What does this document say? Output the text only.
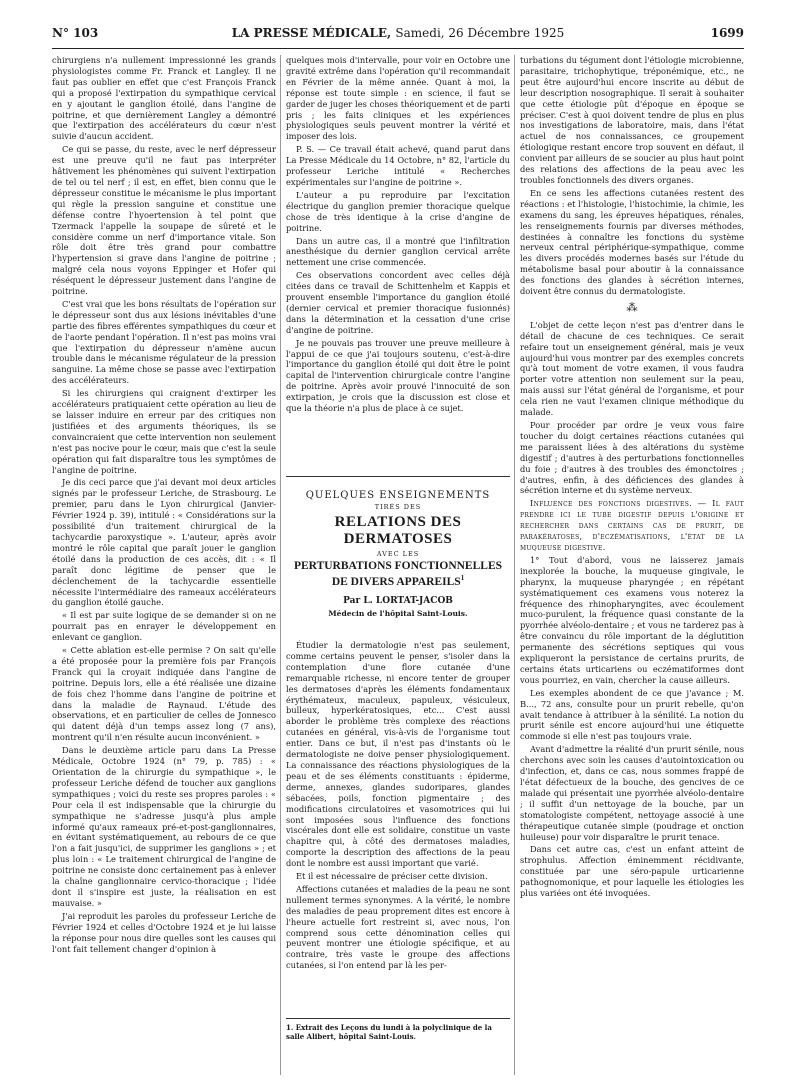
N° 103	LA PRESSE MÉDICALE, Samedi, 26 Décembre 1925	1699

chirurgiens n'a nullement impressionné les grands physiologistes comme Fr. Franck et Langley. Il ne faut pas oublier en effet que c'est François Franck qui a proposé l'extirpation du sympathique cervical en y ajoutant le ganglion étoilé, dans l'angine de poitrine, et que dernièrement Langley a démontré que l'extirpation des accélérateurs du cœur n'est suivie d'aucun accident.

Ce qui se passe, du reste, avec le nerf dépresseur est une preuve qu'il ne faut pas interpréter hâtivement les phénomènes qui suivent l'extirpation de tel ou tel nerf ; il est, en effet, bien connu que le dépresseur constitue le mécanisme le plus important qui règle la pression sanguine et constitue une défense contre l'hyoertension à tel point que Tzermack l'appelle la soupape de sûreté et le considère comme un nerf d'importance vitale. Son rôle doit être très grand pour combattre l'hypertension si grave dans l'angine de poitrine ; malgré cela nous voyons Eppinger et Hofer qui réséquent le dépresseur justement dans l'angine de poitrine.

C'est vrai que les bons résultats de l'opération sur le dépresseur sont dus aux lésions inévitables d'une partie des fibres efférentes sympathiques du cœur et de l'aorte pendant l'opération. Il n'est pas moins vrai que l'extirpation du dépresseur n'amène aucun trouble dans le mécanisme régulateur de la pression sanguine. La même chose se passe avec l'extirpation des accélérateurs.

Si les chirurgiens qui craignent d'extirper les accélérateurs pratiquaient cette opération au lieu de se laisser induire en erreur par des critiques non justifiées et des arguments théoriques, ils se convaincraient que cette intervention non seulement n'est pas nocive pour le cœur, mais que c'est la seule opération qui fait disparaître tous les symptômes de l'angine de poitrine.

Je dis ceci parce que j'ai devant moi deux articles signés par le professeur Leriche, de Strasbourg. Le premier, paru dans le Lyon chirurgical (Janvier-Février 1924 p. 39), intitulé : « Considérations sur la possibilité d'un traitement chirurgical de la tachycardie paroxystique ». L'auteur, après avoir montré le rôle capital que paraît jouer le ganglion étoilé dans la production de ces accès, dit : « Il paraît donc légitime de penser que le déclenchement de la tachycardie essentielle nécessite l'intermédiaire des rameaux accélérateurs du ganglion étoilé gauche.

« Il est par suite logique de se demander si on ne pourrait pas en enrayer le développement en enlevant ce ganglion.

« Cette ablation est-elle permise ? On sait qu'elle a été proposée pour la première fois par François Franck qui la croyait indiquée dans l'angine de poitrine. Depuis lors, elle a été réalisée une dizaine de fois chez l'homme dans l'angine de poitrine et dans la maladie de Raynaud. L'étude des observations, et en particulier de celles de Jonnesco qui datent déjà d'un temps assez long (7 ans), montrent qu'il n'en résulte aucun inconvénient. »

Dans le deuxième article paru dans La Presse Médicale, Octobre 1924 (n° 79, p. 785) : « Orientation de la chirurgie du sympathique », le professeur Leriche défend de toucher aux ganglions sympathiques ; voici du reste ses propres paroles : « Pour cela il est indispensable que la chirurgie du sympathique ne s'adresse jusqu'à plus ample informé qu'aux rameaux pré-et-post-ganglionnaires, en évitant systématiquement, au rebours de ce que l'on a fait jusqu'ici, de supprimer les ganglions » ; et plus loin : « Le traitement chirurgical de l'angine de poitrine ne consiste donc certainement pas à enlever la chaîne ganglionnaire cervico-thoracique ; l'idée dont il s'inspire est juste, la réalisation en est mauvaise. »

J'ai reproduit les paroles du professeur Leriche de Février 1924 et celles d'Octobre 1924 et je lui laisse la réponse pour nous dire quelles sont les causes qui l'ont fait tellement changer d'opinion à

quelques mois d'intervalle, pour voir en Octobre une gravité extrême dans l'opération qu'il recommandait en Février de la même année. Quant à moi, la réponse est toute simple : en science, il faut se garder de juger les choses théoriquement et de parti pris ; les faits cliniques et les expériences physiologiques seuls peuvent montrer la vérité et imposer des lois.

P. S. — Ce travail était achevé, quand parut dans La Presse Médicale du 14 Octobre, n° 82, l'article du professeur Leriche intitulé « Recherches expérimentales sur l'angine de poitrine ».

L'auteur a pu reproduire par l'excitation électrique du ganglion premier thoracique quelque chose de très identique à la crise d'angine de poitrine.

Dans un autre cas, il a montré que l'infiltration anesthésique du dernier ganglion cervical arrête nettement une crise commencée.

Ces observations concordent avec celles déjà citées dans ce travail de Schittenhelm et Kappis et prouvent ensemble l'importance du ganglion étoilé (dernier cervical et premier thoracique fusionnés) dans la détermination et la cessation d'une crise d'angine de poitrine.

Je ne pouvais pas trouver une preuve meilleure à l'appui de ce que j'ai toujours soutenu, c'est-à-dire l'importance du ganglion étoilé qui doit être le point capital de l'intervention chirurgicale contre l'angine de poitrine. Après avoir prouvé l'innocuité de son extirpation, je crois que la discussion est close et que la théorie n'a plus de place à ce sujet.

QUELQUES ENSEIGNEMENTS
TIRÉS DES
RELATIONS DES DERMATOSES
AVEC LES
PERTURBATIONS FONCTIONNELLES
DE DIVERS APPAREILS$^1$
Par L. LORTAT-JACOB
Médecin de l'hôpital Saint-Louis.

Étudier la dermatologie n'est pas seulement, comme certains peuvent le penser, s'isoler dans la contemplation d'une flore cutanée d'une remarquable richesse, ni encore tenter de grouper les dermatoses d'après les éléments fondamentaux érythémateux, maculeux, papuleux, vésiculeux, bulleux, hyperkératosiques, etc... C'est aussi aborder le problème très complexe des réactions cutanées en général, vis-à-vis de l'organisme tout entier. Dans ce but, il n'est pas d'instants où le dermatologiste ne doive penser physiologiquement. La connaissance des réactions physiologiques de la peau et de ses éléments constituants : épiderme, derme, annexes, glandes sudoripares, glandes sébacées, poils, fonction pigmentaire ; des modifications circulatoires et vasomotrices qui lui sont imposées sous l'influence des fonctions viscérales dont elle est solidaire, constitue un vaste chapitre qui, à côté des dermatoses maladies, comporte la description des affections de la peau dont le nombre est aussi important que varié.

Et il est nécessaire de préciser cette division.

Affections cutanées et maladies de la peau ne sont nullement termes synonymes. A la vérité, le nombre des maladies de peau proprement dites est encore à l'heure actuelle fort restreint si, avec nous, l'on comprend sous cette dénomination celles qui peuvent montrer une étiologie spécifique, et au contraire, très vaste le groupe des affections cutanées, si l'on entend par là les per-

1. Extrait des Leçons du lundi à la polyclinique de la salle Alibert, hôpital Saint-Louis.

turbations du tégument dont l'étiologie microbienne, parasitaire, trichophytique, tréponémique, etc., ne peut être aujourd'hui encore inscrite au début de leur description nosographique. Il serait à souhaiter que cette étiologie pût d'époque en époque se préciser. C'est à quoi doivent tendre de plus en plus nos investigations de laboratoire, mais, dans l'état actuel de nos connaissances, ce groupement étiologique restant encore trop souvent en défaut, il convient par ailleurs de se soucier au plus haut point des relations des affections de la peau avec les troubles fonctionnels des divers organes.

En ce sens les affections cutanées restent des réactions : et l'histologie, l'histochimie, la chimie, les examens du sang, les épreuves hépatiques, rénales, les renseignements fournis par diverses méthodes, destinées à connaître les fonctions du système nerveux central périphérique-sympathique, comme les divers procédés modernes basés sur l'étude du métabolisme basal pour aboutir à la connaissance des fonctions des glandes à sécrétion internes, doivent être connus du dermatologiste.

⁂

L'objet de cette leçon n'est pas d'entrer dans le détail de chacune de ces techniques. Ce serait refaire tout un enseignement général, mais je veux aujourd'hui vous montrer par des exemples concrets qu'à tout moment de votre examen, il vous faudra porter votre attention non seulement sur la peau, mais aussi sur l'état général de l'organisme, et pour cela rien ne vaut l'examen clinique méthodique du malade.

Pour procéder par ordre je veux vous faire toucher du doigt certaines réactions cutanées qui me paraissent liées à des altérations du système digestif ; d'autres à des perturbations fonctionnelles du foie ; d'autres à des troubles des émonctoires ; d'autres, enfin, à des déficiences des glandes à sécrétion interne et du système nerveux.

Influence des fonctions digestives. — Il faut prendre ici le tube digestif depuis l'origine et rechercher dans certains cas de prurit, de parakératoses, d'eczématisations, l'état de la muqueuse digestive.

1° Tout d'abord, vous ne laisserez jamais inexplorée la bouche, la muqueuse gingivale, le pharynx, la muqueuse pharyngée ; en répétant systématiquement ces examens vous noterez la fréquence des rhinopharyngites, avec écoulement muco-purulent, la fréquence quasi constante de la pyorrhée alvéolo-dentaire ; et vous ne tarderez pas à être convaincu du rôle important de la déglutition permanente des sécrétions septiques qui vous expliqueront la persistance de certains prurits, de certains états urticariens ou eczématiformes dont vous pourriez, en vain, chercher la cause ailleurs.

Les exemples abondent de ce que j'avance ; M. B..., 72 ans, consulte pour un prurit rebelle, qu'on avait tendance à attribuer à la sénilité. La notion du prurit sénile est encore aujourd'hui une étiquette commode si elle n'est pas toujours vraie.

Avant d'admettre la réalité d'un prurit sénile, nous cherchons avec soin les causes d'autointoxication ou d'infection, et, dans ce cas, nous sommes frappé de l'état défectueux de la bouche, des gencives de ce malade qui présentait une pyorrhée alvéolo-dentaire ; il suffit d'un nettoyage de la bouche, par un stomatologiste compétent, nettoyage associé à une thérapeutique cutanée simple (poudrage et onction huileuse) pour voir disparaître le prurit tenace.

Dans cet autre cas, c'est un enfant atteint de strophulus. Affection éminemment récidivante, constituée par une séro-papule urticarienne pathognomonique, et pour laquelle les étiologies les plus variées ont été invoquées.
